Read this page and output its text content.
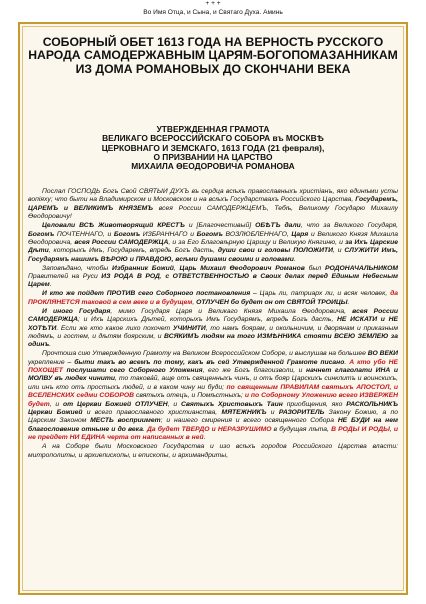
+ + +
Во Имя Отца, и Сына, и Святаго Духа. Аминь
СОБОРНЫЙ ОБЕТ 1613 ГОДА НА ВЕРНОСТЬ РУССКОГО
НАРОДА САМОДЕРЖАВНЫМ ЦАРЯМ-БОГОПОМАЗАННИКАМ
ИЗ ДОМА РОМАНОВЫХ ДО СКОНЧАНИ ВЕКА
УТВЕРЖДЕННАЯ ГРАМОТА
ВЕЛИКАГО ВСЕРОССИЙСКАГО СОБОРА въ МОСКВѢ
ЦЕРКОВНАГО И ЗЕМСКАГО, 1613 ГОДА (21 февраля),
О ПРИЗВАНИИ НА ЦАРСТВО
МИХАИЛА ӨЕОДОРОВИЧА РОМАНОВА

Послал ГОСПОДЬ Богъ Свой СВЯТЫЙ ДУХЪ въ сердца всѣхъ православныхъ христіанъ, яко единѣми усты вопіяху; что быти на Владимирском и Московском и на всѣхъ Государствахъ Российского Царства, Государемъ, ЦАРЕМЪ и ВЕЛИКИМЪ КНЯЗЕМЪ всея России САМОДЕРЖЦЕМЪ, Тебѣ, Великому Государю Михаилу Өеодоровичу!

Целовали ВСѢ Животворящий КРЕСТЪ и [Благочестивый] ОБѢТЪ дали, что за Великого Государя, Богомъ ПОЧТЕННАГО, и Богомъ ИЗБРАННАГО и Богомъ ВОЗЛЮБЛЕННАГО, Царя и Великого Князя Михаила Өеодоровича, всея России САМОДЕРЖЦА, и за Его Благовѣрную Царицу и Великую Княгиню, и за Ихъ Царские Дѣти, которыхъ Имъ, Государемъ, впредь Богъ дасть, души свои и головы ПОЛОЖИТИ, и СЛУЖИТИ Имъ, Государямъ нашимъ ВѢРОЮ и ПРАВДОЮ, всѣми душами своими и головами.

Заповѣдано, чтобы Избранник Божий, Царь Михаил Өеодорович Романов был РОДОНАЧАЛЬНИКОМ Правителей на Руси ИЗ РОДА В РОД, с ОТВЕТСТВЕННОСТЬЮ в Своих делах перед Единым Небесным Царем.

И кто же пойдет ПРОТИВ сего Соборного постановления – Царь ли, патриарх ли, и всяк человек, да ПРОКЛЯНЕТСЯ таковой в сем веке и в будущем, ОТЛУЧЕН бо будет он от СВЯТОЙ ТРОИЦЫ.

И иного Государя, мимо Государя Царя и Великаго Князя Михаила Өеодоровича, всея России САМОДЕРЖЦА; и Ихъ Царскихъ Дѣтей, которыхъ Имъ Государямъ, впредь Богъ дасть, НЕ ИСКАТИ и НЕ ХОТѢТИ. Если же кто какое лихо похочет УЧИНИТИ, то намъ боярам, и окольничим, и дворянам и приказным людямъ, и гостем, и дѣтям боярским, и ВСЯКИМЪ людям на того ИЗМѢННИКА стояти ВСЕЮ ЗЕМЛЕЮ за одинъ.

Прочтоша сию Утвержденную Грамоту на Великом Всероссийском Соборе, и выслушав на большее ВО ВЕКИ укрепление – быти такъ во всемъ по тому, какъ въ сей Утвержденной Грамоте писано. А кто убо НЕ ПОХОЩЕТ послушати сего Соборного Уложения, его же Богъ благоизволи, и начнет глаголати ИНА и МОЛВУ въ людех чинити, то такова́й, аще отъ священныхъ чинъ, и отъ бояр Царскихъ синклитъ и воинскихъ, или инъ кто отъ простыхъ людей, и в каком чину ни буди; по священным ПРАВИЛАМ святыхъ АПОСТОЛ, и ВСЕЛЕНСКИХ седми СОБОРОВ святыхъ отецъ, и Помѣстныхъ; и по Соборному Уложению всего ИЗВЕРЖЕН будет, и от Церкви Божией ОТЛУЧЕН, и Святыхъ Христовыхъ Таин приобщения, яко РАСКОЛЬНИКЪ Церкви Божией и всего православного христианства, МЯТЕЖНИКЪ и РАЗОРИТЕЛЬ Закону Божию, а по Царским Законом МЕСТЬ восприимет; и нашего смирения и всего освященного Собора НЕ БУДИ на нем благословение отныне и до века. Да будет ТВЕРДО и НЕРАЗРУШИМО в будущая лѣта, В РОДЫ И РОДЫ, и не прейдет НИ ЕДИНА черта от написанных в ней.

А на Соборе были Московского Государства и изо всѣхъ городов Российского Царства власти: митрополиты, и архиепископы, и епископы, и архимандриты,
